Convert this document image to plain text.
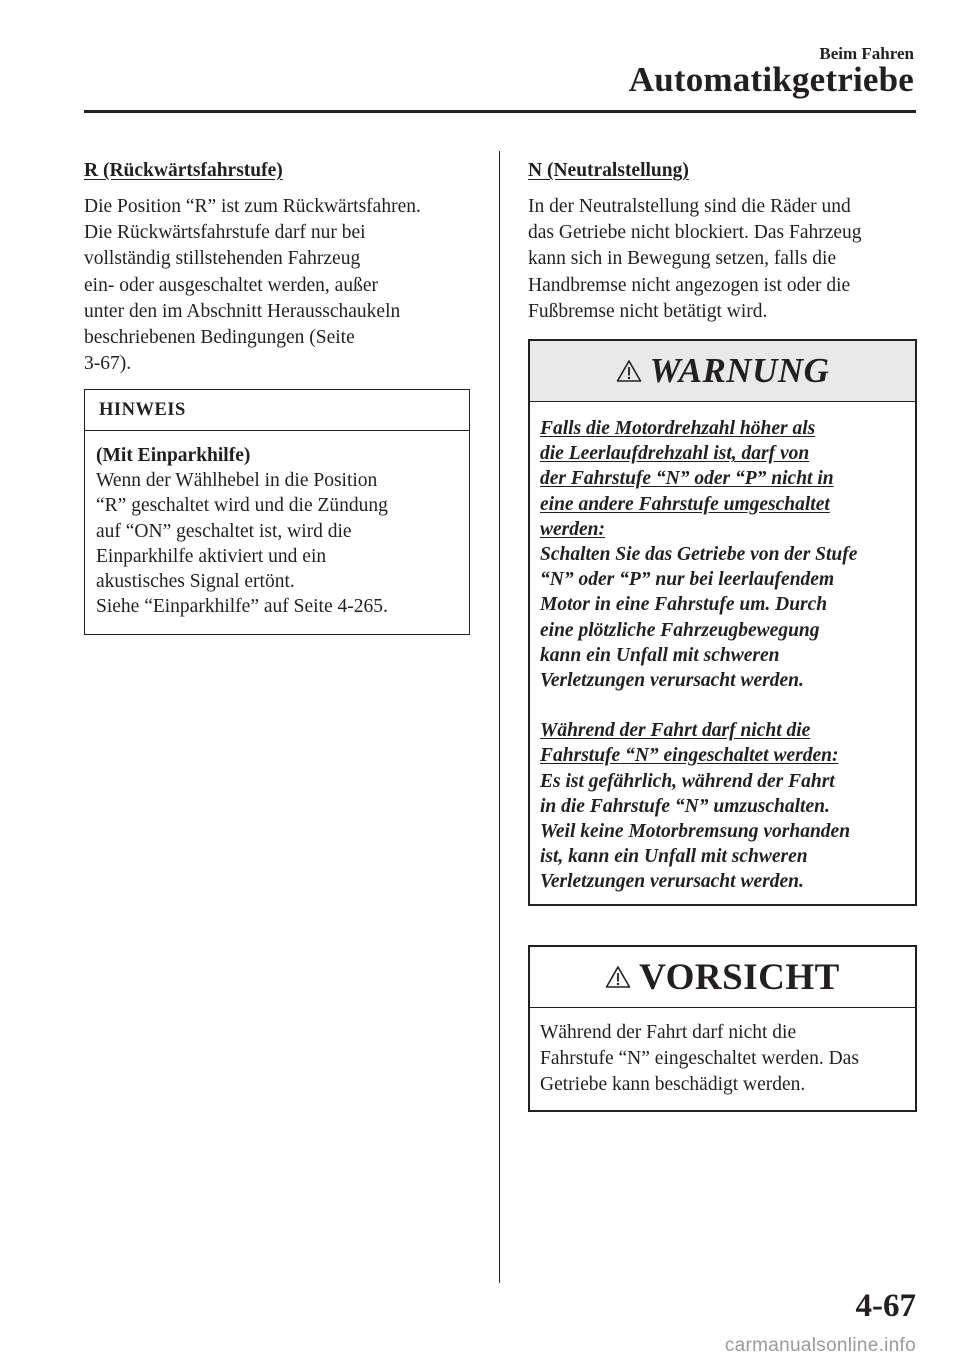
Beim Fahren
Automatikgetriebe

R (Rückwärtsfahrstufe)

Die Position “R” ist zum Rückwärtsfahren.
Die Rückwärtsfahrstufe darf nur bei
vollständig stillstehenden Fahrzeug
ein- oder ausgeschaltet werden, außer
unter den im Abschnitt Herausschaukeln
beschriebenen Bedingungen (Seite
3-67).

HINWEIS

(Mit Einparkhilfe)

Wenn der Wählhebel in die Position
“R” geschaltet wird und die Zündung
auf “ON” geschaltet ist, wird die
Einparkhilfe aktiviert und ein
akustisches Signal ertönt.
Siehe “Einparkhilfe” auf Seite 4-265.

N (Neutralstellung)

In der Neutralstellung sind die Räder und
das Getriebe nicht blockiert. Das Fahrzeug
kann sich in Bewegung setzen, falls die
Handbremse nicht angezogen ist oder die
Fußbremse nicht betätigt wird.

WARNUNG

Falls die Motordrehzahl höher als
die Leerlaufdrehzahl ist, darf von
der Fahrstufe “N” oder “P” nicht in
eine andere Fahrstufe umgeschaltet
werden:

Schalten Sie das Getriebe von der Stufe
“N” oder “P” nur bei leerlaufendem
Motor in eine Fahrstufe um. Durch
eine plötzliche Fahrzeugbewegung
kann ein Unfall mit schweren
Verletzungen verursacht werden.

Während der Fahrt darf nicht die
Fahrstufe “N” eingeschaltet werden:

Es ist gefährlich, während der Fahrt
in die Fahrstufe “N” umzuschalten.
Weil keine Motorbremsung vorhanden
ist, kann ein Unfall mit schweren
Verletzungen verursacht werden.

VORSICHT
Während der Fahrt darf nicht die
Fahrstufe “N” eingeschaltet werden. Das
Getriebe kann beschädigt werden.
4-67
carmanualsonline.info
